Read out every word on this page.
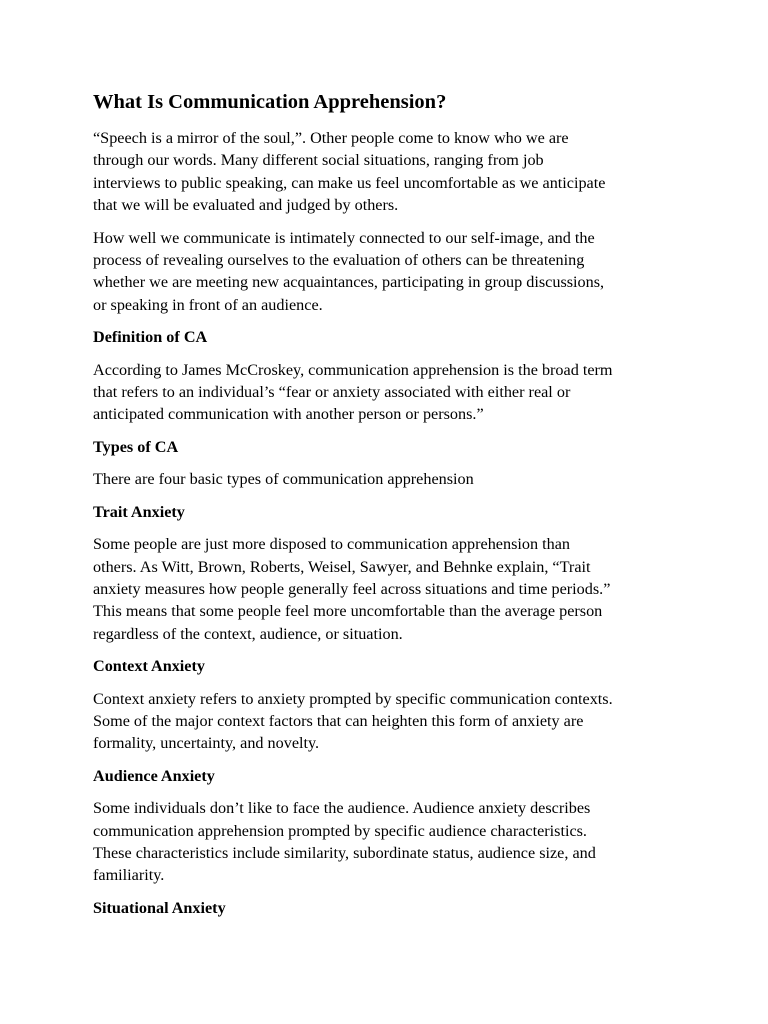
What Is Communication Apprehension?

“Speech is a mirror of the soul,”. Other people come to know who we are
through our words. Many different social situations, ranging from job
interviews to public speaking, can make us feel uncomfortable as we anticipate
that we will be evaluated and judged by others.

How well we communicate is intimately connected to our self-image, and the
process of revealing ourselves to the evaluation of others can be threatening
whether we are meeting new acquaintances, participating in group discussions,
or speaking in front of an audience.

Definition of CA

According to James McCroskey, communication apprehension is the broad term
that refers to an individual’s “fear or anxiety associated with either real or
anticipated communication with another person or persons.”

Types of CA

There are four basic types of communication apprehension

Trait Anxiety

Some people are just more disposed to communication apprehension than
others. As Witt, Brown, Roberts, Weisel, Sawyer, and Behnke explain, “Trait
anxiety measures how people generally feel across situations and time periods.”
This means that some people feel more uncomfortable than the average person
regardless of the context, audience, or situation.

Context Anxiety

Context anxiety refers to anxiety prompted by specific communication contexts.
Some of the major context factors that can heighten this form of anxiety are
formality, uncertainty, and novelty.

Audience Anxiety

Some individuals don’t like to face the audience. Audience anxiety describes
communication apprehension prompted by specific audience characteristics.
These characteristics include similarity, subordinate status, audience size, and
familiarity.

Situational Anxiety
